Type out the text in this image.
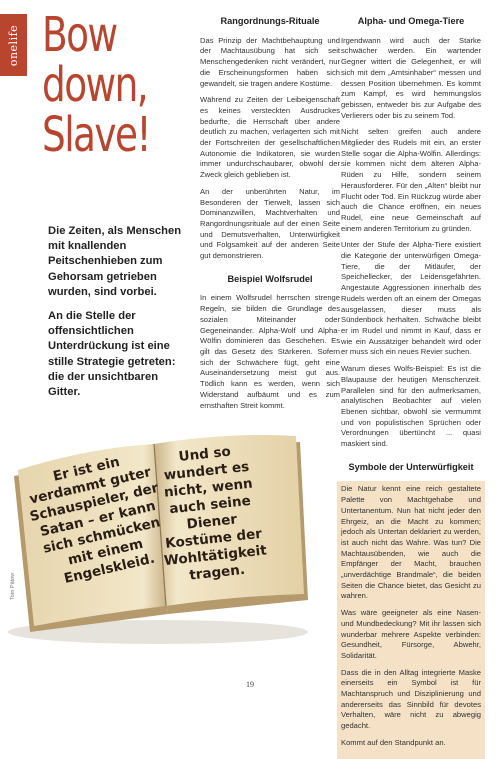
onelife Bow
down,
Slave!

Die Zeiten, als Menschen mit knallenden Peitschenhieben zum Gehorsam getrieben wurden, sind vorbei.

An die Stelle der offensichtlichen Unterdrückung ist eine stille Strategie getreten: die der unsichtbaren Gitter.

Rangordnungs-Rituale

Das Prinzip der Machtbehauptung und der Machtausübung hat sich seit Menschengedenken nicht verändert, nur die Erscheinungsformen haben sich gewandelt, sie tragen andere Kostüme.

Während zu Zeiten der Leibeigenschaft es keines versteckten Ausdruckes bedurfte, die Herrschaft über andere deutlich zu machen, verlagerten sich mit der Fortschreiten der gesellschaftlichen Autonomie die Indikatoren, sie wurden immer undurchschaubarer, obwohl der Zweck gleich geblieben ist.

An der unberührten Natur, im Besonderen der Tierwelt, lassen sich Dominanzwillen, Machtverhalten und Rangordnungsrituale auf der einen Seite und Demutsverhalten, Unterwürfigkeit und Folgsamkeit auf der anderen Seite gut demonstrieren.

Beispiel Wolfsrudel

In einem Wolfsrudel herrschen strenge Regeln, sie bilden die Grundlage des sozialen Miteinander oder Gegeneinander. Alpha-Wolf und Alpha-Wölfin dominieren das Geschehen. Es gilt das Gesetz des Stärkeren. Sofern sich der Schwächere fügt, geht eine Auseinandersetzung meist gut aus. Tödlich kann es werden, wenn sich Widerstand aufbäumt und es zum ernsthaften Streit kommt.

Alpha- und Omega-Tiere

Irgendwann wird auch der Starke schwächer werden. Ein wartender Gegner wittert die Gelegenheit, er will sich mit dem „Amtsinhaber“ messen und dessen Position übernehmen. Es kommt zum Kampf, es wird hemmungslos gebissen, entweder bis zur Aufgabe des Verlierers oder bis zu seinem Tod.

Nicht selten greifen auch andere Mitglieder des Rudels mit ein, an erster Stelle sogar die Alpha-Wölfin. Allerdings: sie kommen nicht dem älteren Alpha-Rüden zu Hilfe, sondern seinem Herausforderer. Für den „Alten“ bleibt nur Flucht oder Tod. Ein Rückzug würde aber auch die Chance eröffnen, ein neues Rudel, eine neue Gemeinschaft auf einem anderen Territorium zu gründen.

Unter der Stufe der Alpha-Tiere existiert die Kategorie der unterwürfigen Omega-Tiere, die der Mitläufer, der Speichellecker, der Leidensgefährten. Angestaute Aggressionen innerhalb des Rudels werden oft an einem der Omegas ausgelassen, dieser muss als Sündenbock herhalten. Schwäche bleibt er im Rudel und nimmt in Kauf, dass er wie ein Aussätziger behandelt wird oder er muss sich ein neues Revier suchen.

Warum dieses Wolfs-Beispiel: Es ist die Blaupause der heutigen Menschenzeit. Parallelen sind für den aufmerksamen, analytischen Beobachter auf vielen Ebenen sichtbar, obwohl sie vermummt und von populistischen Sprüchen oder Verordnungen übertüncht ... quasi maskiert sind.

Symbole der Unterwürfigkeit

Die Natur kennt eine reich gestaltete Palette von Machtgehabe und Untertanentum. Nun hat nicht jeder den Ehrgeiz, an die Macht zu kommen; jedoch als Untertan deklariert zu werden, ist auch nicht das Wahre. Was tun? Die Machtausübenden, wie auch die Empfänger der Macht, brauchen „unverdächtige Brandmale“, die beiden Seiten die Chance bietet, das Gesicht zu wahren.

Was wäre geeigneter als eine Nasen- und Mundbedeckung? Mit ihr lassen sich wunderbar mehrere Aspekte verbinden: Gesundheit, Fürsorge, Abwehr, Solidarität.

Dass die in den Alltag integrierte Maske einerseits ein Symbol ist für Machtanspruch und Disziplinierung und andererseits das Sinnbild für devotes Verhalten, wäre nicht zu abwegig gedacht.

Kommt auf den Standpunkt an.

Er ist ein verdammt guter Schauspieler, der Satan – er kann sich schmücken mit einem Engelskleid.
Und so wundert es nicht, wenn auch seine Diener Kostüme der Wohltätigkeit tragen.
Tom Pätow
19
